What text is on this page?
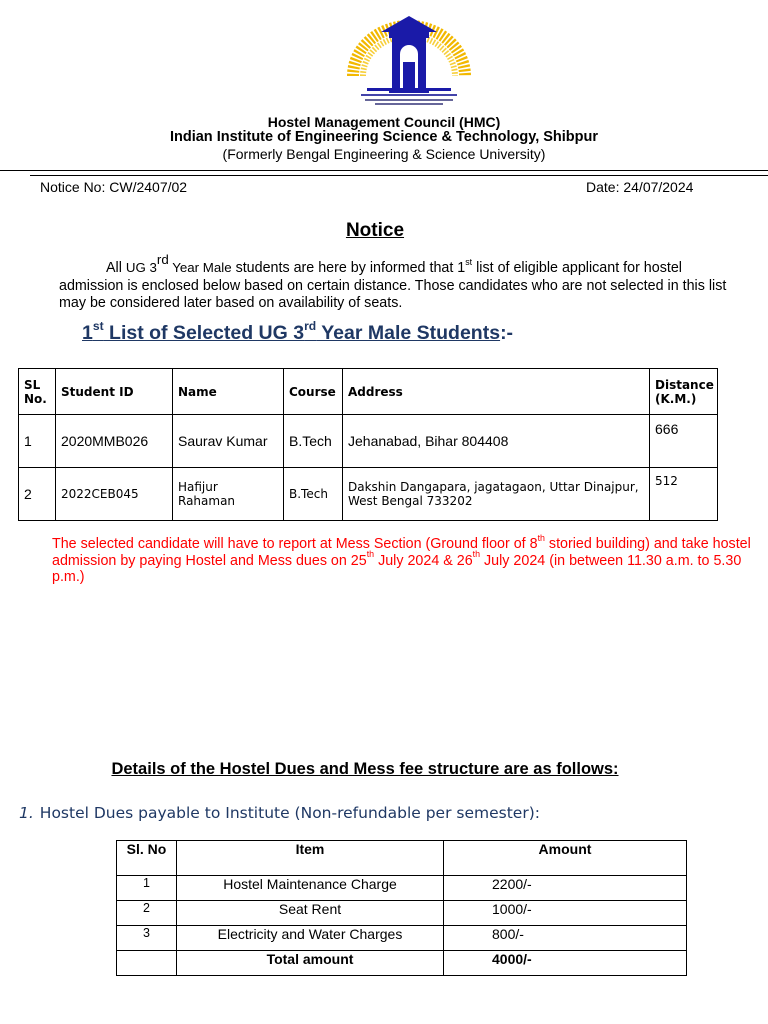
Hostel Management Council (HMC)
Indian Institute of Engineering Science & Technology, Shibpur
(Formerly Bengal Engineering & Science University)
Notice No: CW/2407/02	Date: 24/07/2024
Notice
All UG 3rd Year Male students are here by informed that 1st list of eligible applicant for hostel admission is enclosed below based on certain distance. Those candidates who are not selected in this list may be considered later based on availability of seats.
1st List of Selected UG 3rd Year Male Students:-
SL No.	Student ID	Name	Course	Address	Distance (K.M.)
1	2020MMB026	Saurav Kumar	B.Tech	Jehanabad, Bihar 804408	666
2	2022CEB045	Hafijur Rahaman	B.Tech	Dakshin Dangapara, jagatagaon, Uttar Dinajpur, West Bengal 733202	512
The selected candidate will have to report at Mess Section (Ground floor of 8th storied building) and take hostel admission by paying Hostel and Mess dues on 25th July 2024 & 26th July 2024 (in between 11.30 a.m. to 5.30 p.m.)
Details of the Hostel Dues and Mess fee structure are as follows:
1. Hostel Dues payable to Institute (Non-refundable per semester):
Sl. No	Item	Amount
1	Hostel Maintenance Charge	2200/-
2	Seat Rent	1000/-
3	Electricity and Water Charges	800/-
	Total amount	4000/-
